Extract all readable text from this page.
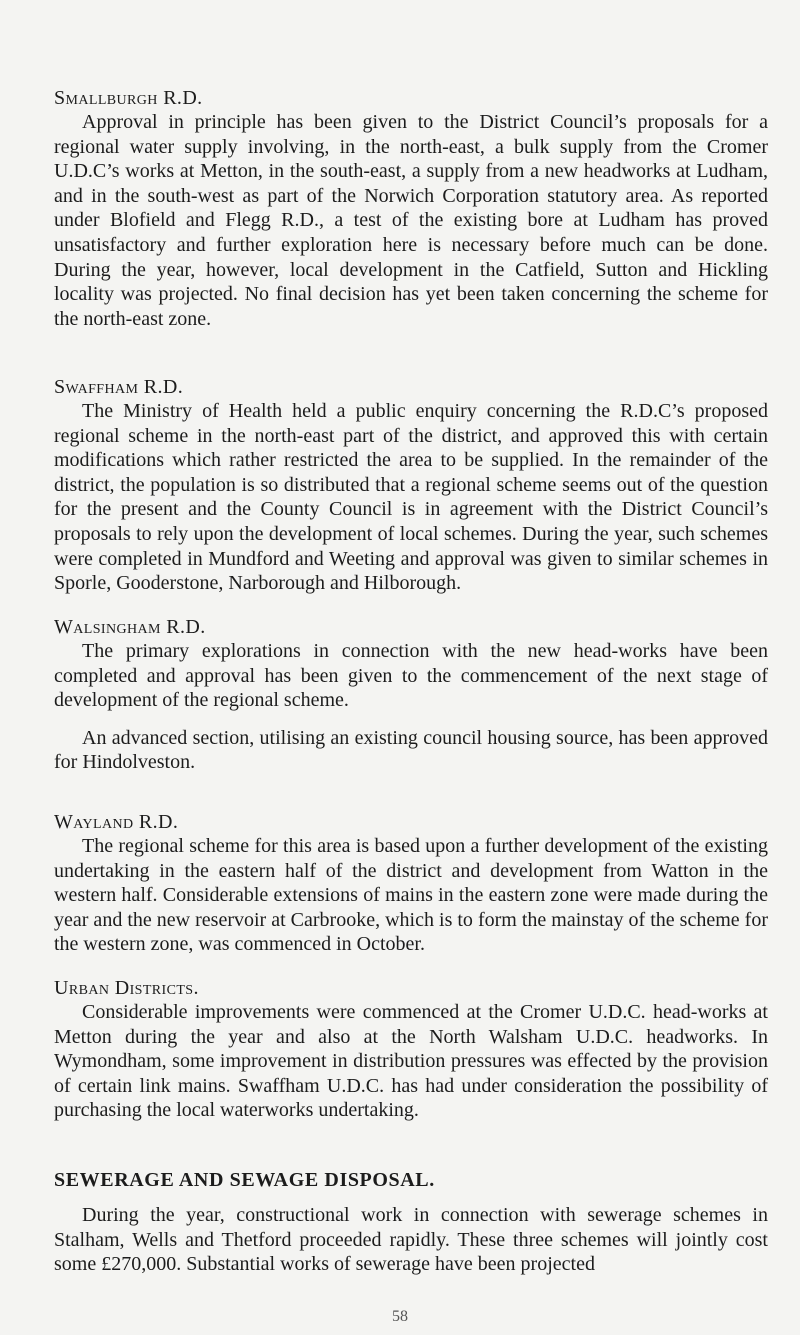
Smallburgh R.D.

Approval in principle has been given to the District Council’s proposals for a regional water supply involving, in the north-east, a bulk supply from the Cromer U.D.C’s works at Metton, in the south-east, a supply from a new headworks at Ludham, and in the south-west as part of the Norwich Corporation statutory area. As reported under Blofield and Flegg R.D., a test of the existing bore at Ludham has proved unsatisfactory and further exploration here is necessary before much can be done. During the year, however, local development in the Catfield, Sutton and Hickling locality was projected. No final decision has yet been taken concerning the scheme for the north-east zone.

Swaffham R.D.

The Ministry of Health held a public enquiry concerning the R.D.C’s proposed regional scheme in the north-east part of the district, and approved this with certain modifications which rather restricted the area to be supplied. In the remainder of the district, the population is so distributed that a regional scheme seems out of the question for the present and the County Council is in agreement with the District Council’s proposals to rely upon the development of local schemes. During the year, such schemes were completed in Mundford and Weeting and approval was given to similar schemes in Sporle, Gooderstone, Narborough and Hilborough.

Walsingham R.D.

The primary explorations in connection with the new head-works have been completed and approval has been given to the commencement of the next stage of development of the regional scheme.

An advanced section, utilising an existing council housing source, has been approved for Hindolveston.

Wayland R.D.

The regional scheme for this area is based upon a further development of the existing undertaking in the eastern half of the district and development from Watton in the western half. Considerable extensions of mains in the eastern zone were made during the year and the new reservoir at Carbrooke, which is to form the mainstay of the scheme for the western zone, was commenced in October.

Urban Districts.

Considerable improvements were commenced at the Cromer U.D.C. head-works at Metton during the year and also at the North Walsham U.D.C. headworks. In Wymondham, some improvement in distribution pressures was effected by the provision of certain link mains. Swaffham U.D.C. has had under consideration the possibility of purchasing the local waterworks undertaking.

SEWERAGE AND SEWAGE DISPOSAL.

During the year, constructional work in connection with sewerage schemes in Stalham, Wells and Thetford proceeded rapidly. These three schemes will jointly cost some £270,000. Substantial works of sewerage have been projected

58
